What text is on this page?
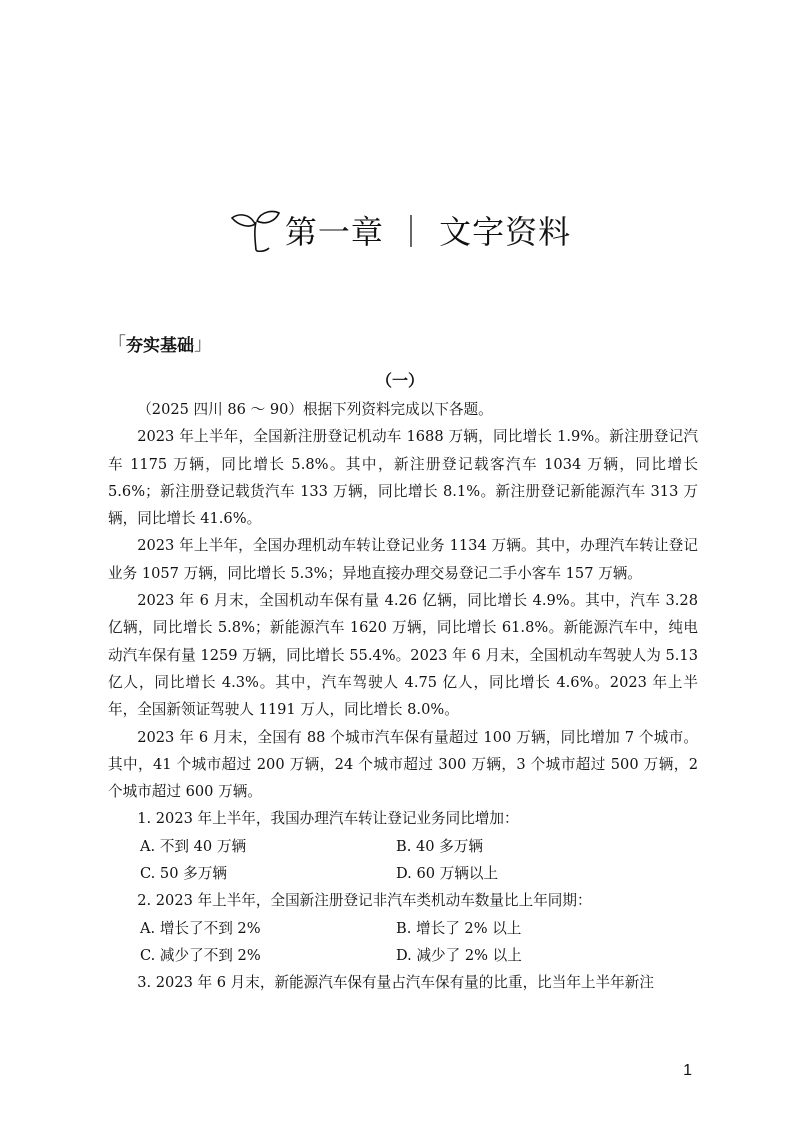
第一章 ｜ 文字资料
「 夯实基础 」
（一）

（2025 四川 86 ～ 90）根据下列资料完成以下各题。

2023 年上半年，全国新注册登记机动车 1688 万辆，同比增长 1.9%。新注册登记汽车 1175 万辆，同比增长 5.8%。其中，新注册登记载客汽车 1034 万辆，同比增长 5.6%；新注册登记载货汽车 133 万辆，同比增长 8.1%。新注册登记新能源汽车 313 万辆，同比增长 41.6%。

2023 年上半年，全国办理机动车转让登记业务 1134 万辆。其中，办理汽车转让登记业务 1057 万辆，同比增长 5.3%；异地直接办理交易登记二手小客车 157 万辆。

2023 年 6 月末，全国机动车保有量 4.26 亿辆，同比增长 4.9%。其中，汽车 3.28 亿辆，同比增长 5.8%；新能源汽车 1620 万辆，同比增长 61.8%。新能源汽车中，纯电动汽车保有量 1259 万辆，同比增长 55.4%。2023 年 6 月末，全国机动车驾驶人为 5.13 亿人，同比增长 4.3%。其中，汽车驾驶人 4.75 亿人，同比增长 4.6%。2023 年上半年，全国新领证驾驶人 1191 万人，同比增长 8.0%。

2023 年 6 月末，全国有 88 个城市汽车保有量超过 100 万辆，同比增加 7 个城市。其中，41 个城市超过 200 万辆，24 个城市超过 300 万辆，3 个城市超过 500 万辆，2 个城市超过 600 万辆。

1. 2023 年上半年，我国办理汽车转让登记业务同比增加：

A. 不到 40 万辆	B. 40 多万辆
C. 50 多万辆	D. 60 万辆以上

2. 2023 年上半年，全国新注册登记非汽车类机动车数量比上年同期：

A. 增长了不到 2%	B. 增长了 2% 以上
C. 减少了不到 2%	D. 减少了 2% 以上

3. 2023 年 6 月末，新能源汽车保有量占汽车保有量的比重，比当年上半年新注

1
